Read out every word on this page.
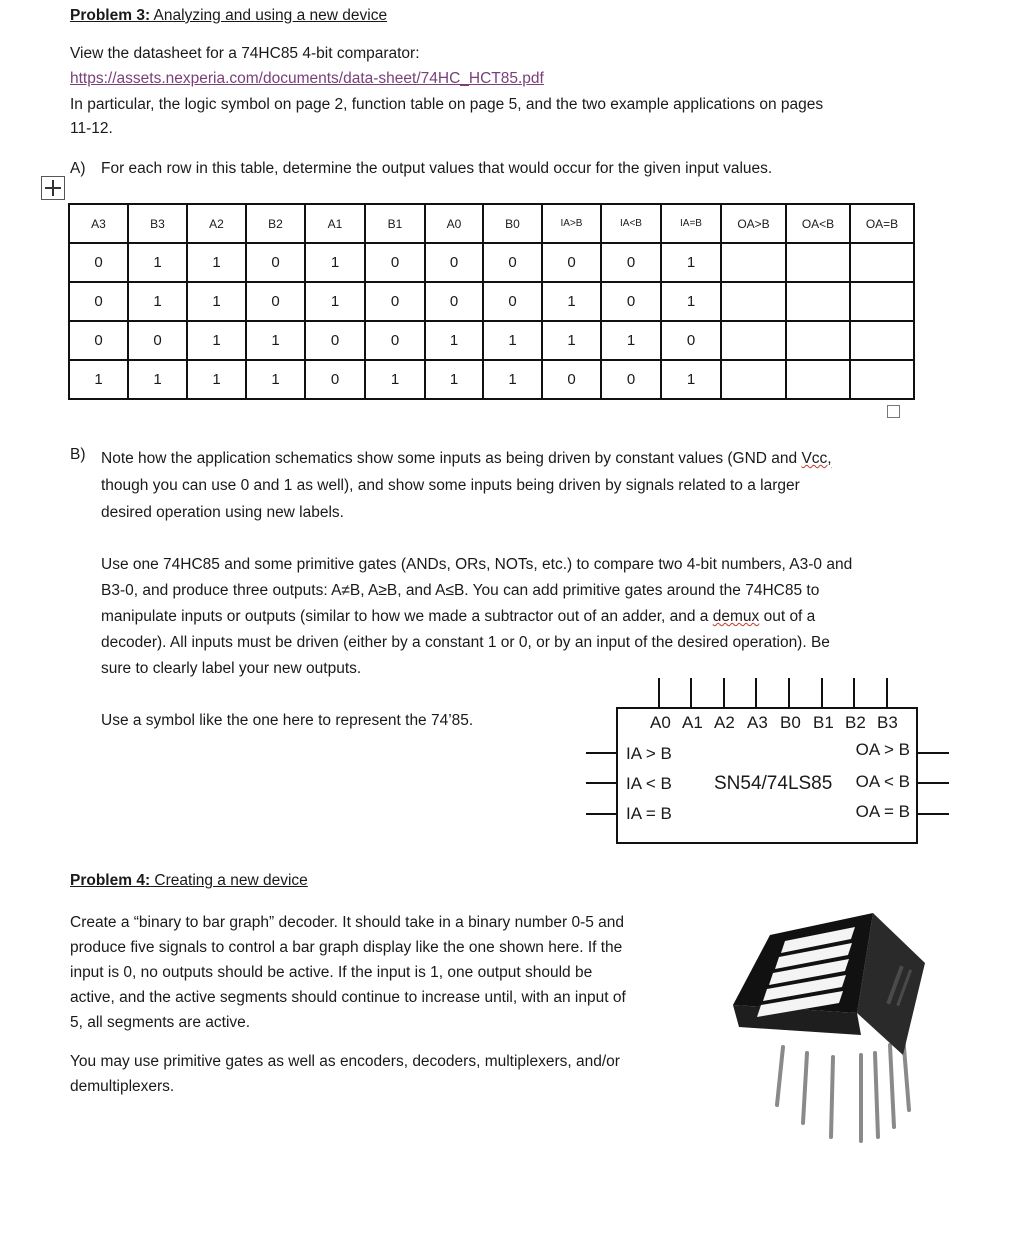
Problem 3: Analyzing and using a new device
View the datasheet for a 74HC85 4-bit comparator:
https://assets.nexperia.com/documents/data-sheet/74HC_HCT85.pdf
In particular, the logic symbol on page 2, function table on page 5, and the two example applications on pages
11-12.
A) For each row in this table, determine the output values that would occur for the given input values.
A3	B3	A2	B2	A1	B1	A0	B0	IA>B	IA<B	IA=B	OA>B	OA<B	OA=B
0	1	1	0	1	0	0	0	0	0	1			
0	1	1	0	1	0	0	0	1	0	1			
0	0	1	1	0	0	1	1	1	1	0			
1	1	1	1	0	1	1	1	0	0	1			
B) Note how the application schematics show some inputs as being driven by constant values (GND and Vcc,
though you can use 0 and 1 as well), and show some inputs being driven by signals related to a larger
desired operation using new labels.
Use one 74HC85 and some primitive gates (ANDs, ORs, NOTs, etc.) to compare two 4-bit numbers, A3-0 and
B3-0, and produce three outputs: A≠B, A≥B, and A≤B. You can add primitive gates around the 74HC85 to
manipulate inputs or outputs (similar to how we made a subtractor out of an adder, and a demux out of a
decoder). All inputs must be driven (either by a constant 1 or 0, or by an input of the desired operation). Be
sure to clearly label your new outputs.
Use a symbol like the one here to represent the 74’85.	A0 A1 A2 A3 B0 B1 B2 B3
IA > B
IA < B
IA = B
OA > B
OA < B
OA = B
SN54/74LS85
Problem 4: Creating a new device
Create a “binary to bar graph” decoder. It should take in a binary number 0-5 and
produce five signals to control a bar graph display like the one shown here. If the
input is 0, no outputs should be active. If the input is 1, one output should be
active, and the active segments should continue to increase until, with an input of
5, all segments are active.
You may use primitive gates as well as encoders, decoders, multiplexers, and/or
demultiplexers.
